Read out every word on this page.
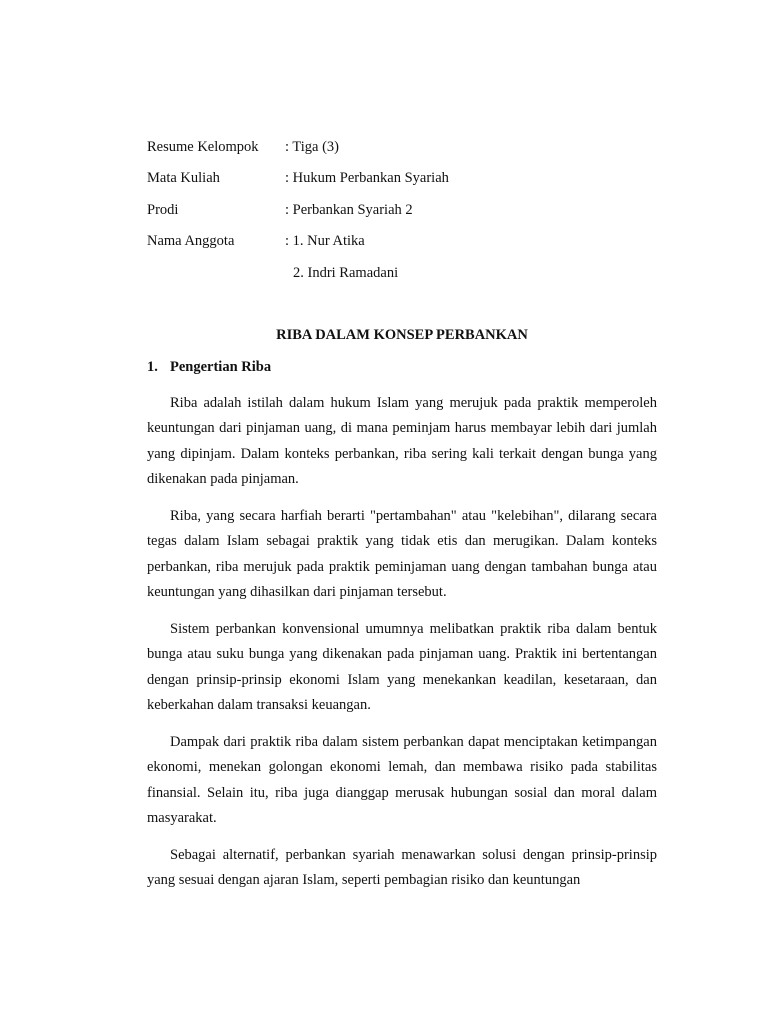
Resume Kelompok : Tiga (3)
Mata Kuliah	: Hukum Perbankan Syariah
Prodi	: Perbankan Syariah 2
Nama Anggota	: 1. Nur Atika
2. Indri Ramadani
RIBA DALAM KONSEP PERBANKAN
1. Pengertian Riba

Riba adalah istilah dalam hukum Islam yang merujuk pada praktik memperoleh keuntungan dari pinjaman uang, di mana peminjam harus membayar lebih dari jumlah yang dipinjam. Dalam konteks perbankan, riba sering kali terkait dengan bunga yang dikenakan pada pinjaman.

Riba, yang secara harfiah berarti "pertambahan" atau "kelebihan", dilarang secara tegas dalam Islam sebagai praktik yang tidak etis dan merugikan. Dalam konteks perbankan, riba merujuk pada praktik peminjaman uang dengan tambahan bunga atau keuntungan yang dihasilkan dari pinjaman tersebut.

Sistem perbankan konvensional umumnya melibatkan praktik riba dalam bentuk bunga atau suku bunga yang dikenakan pada pinjaman uang. Praktik ini bertentangan dengan prinsip-prinsip ekonomi Islam yang menekankan keadilan, kesetaraan, dan keberkahan dalam transaksi keuangan.

Dampak dari praktik riba dalam sistem perbankan dapat menciptakan ketimpangan ekonomi, menekan golongan ekonomi lemah, dan membawa risiko pada stabilitas finansial. Selain itu, riba juga dianggap merusak hubungan sosial dan moral dalam masyarakat.

Sebagai alternatif, perbankan syariah menawarkan solusi dengan prinsip-prinsip yang sesuai dengan ajaran Islam, seperti pembagian risiko dan keuntungan
